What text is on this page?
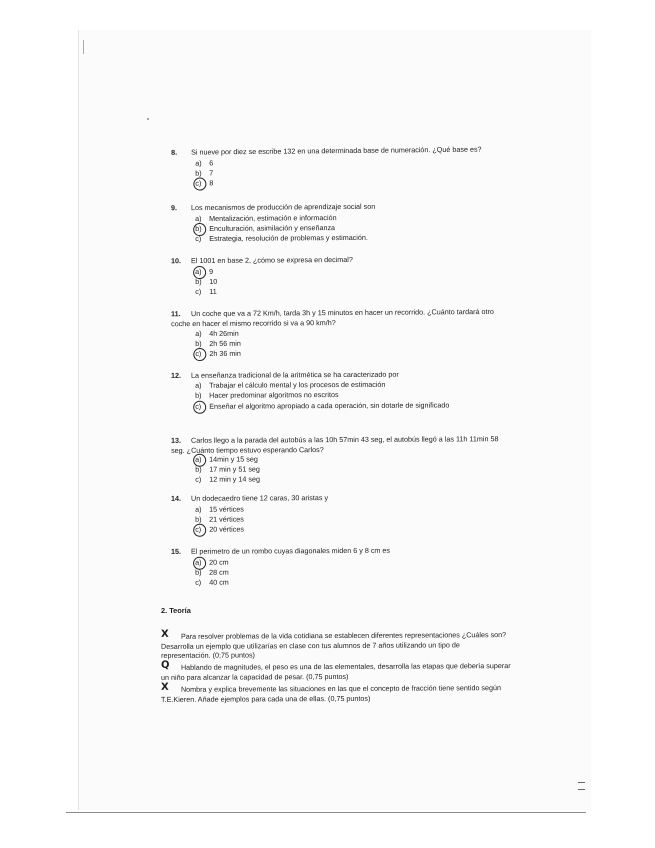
8. Si nueve por diez se escribe 132 en una determinada base de numeración. ¿Qué base es?
a) 6
b) 7
c) 8
9. Los mecanismos de producción de aprendizaje social son
a) Mentalización, estimación e información
b) Enculturación, asimilación y enseñanza
c) Estrategia, resolución de problemas y estimación.
10. El 1001 en base 2, ¿cómo se expresa en decimal?
a) 9
b) 10
c) 11
11.	Un coche que va a 72 Km/h, tarda 3h y 15 minutos en hacer un recorrido. ¿Cuánto tardará otro coche en hacer el mismo recorrido si va a 90 km/h?
a) 4h 26min
b) 2h 56 min
c) 2h 36 min
12. La enseñanza tradicional de la aritmética se ha caracterizado por
a) Trabajar el cálculo mental y los procesos de estimación
b) Hacer predominar algoritmos no escritos
c) Enseñar el algoritmo apropiado a cada operación, sin dotarle de significado
13.	Carlos llego a la parada del autobús a las 10h 57min 43 seg, el autobús llegó a las 11h 11min 58 seg. ¿Cuánto tiempo estuvo esperando Carlos?
a) 14min y 15 seg
b) 17 min y 51 seg
c) 12 min y 14 seg
14. Un dodecaedro tiene 12 caras, 30 aristas y
a) 15 vértices
b) 21 vértices
c) 20 vértices
15. El perimetro de un rombo cuyas diagonales miden 6 y 8 cm es
a) 20 cm
b) 28 cm
c) 40 cm
2. Teoría
X	Para resolver problemas de la vida cotidiana se establecen diferentes representaciones ¿Cuáles son? Desarrolla un ejemplo que utilizarías en clase con tus alumnos de 7 años utilizando un tipo de representación. (0;75 puntos)
Q	Hablando de magnitudes, el peso es una de las elementales, desarrolla las etapas que debería superar un niño para alcanzar la capacidad de pesar. (0,75 puntos)
X	Nombra y explica brevemente las situaciones en las que el concepto de fracción tiene sentido según T.E.Kieren. Añade ejemplos para cada una de ellas. (0,75 puntos)
